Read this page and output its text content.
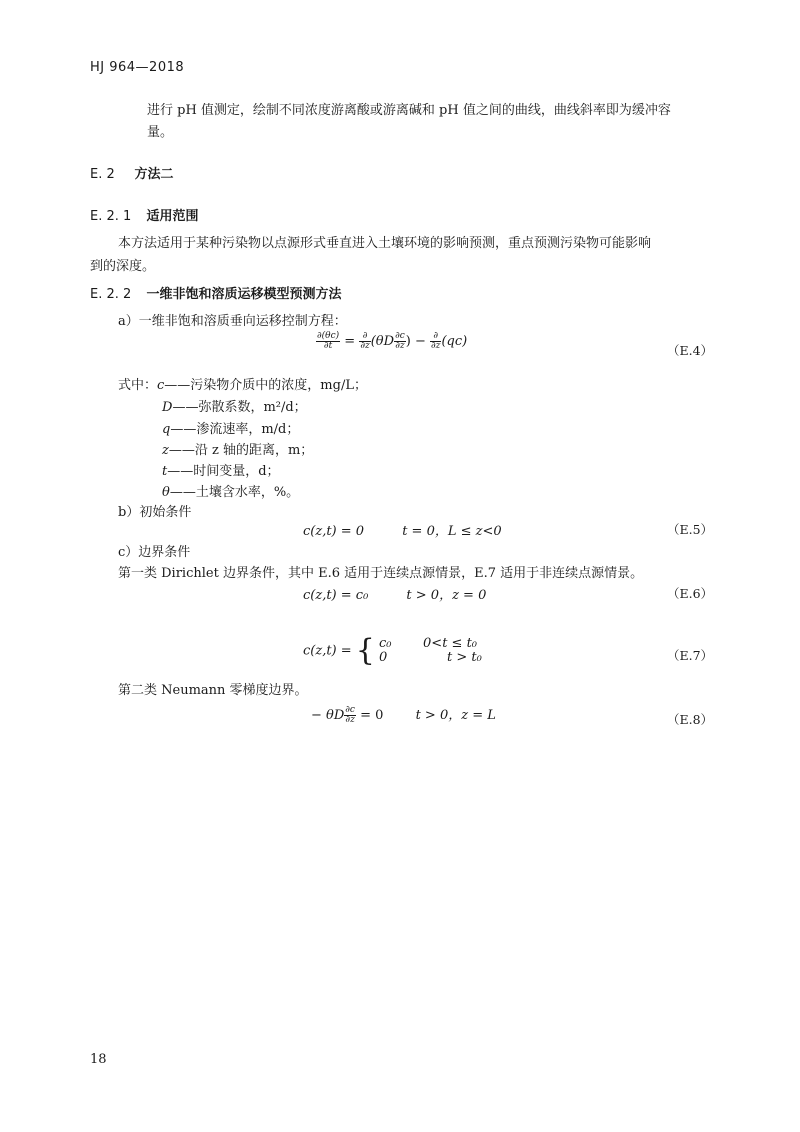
HJ 964—2018
进行 pH 值测定，绘制不同浓度游离酸或游离碱和 pH 值之间的曲线，曲线斜率即为缓冲容
量。
E. 2 方法二
E. 2. 1 适用范围
本方法适用于某种污染物以点源形式垂直进入土壤环境的影响预测，重点预测污染物可能影响
到的深度。
E. 2. 2 一维非饱和溶质运移模型预测方法
a）一维非饱和溶质垂向运移控制方程：
$\frac{\partial(\theta c)}{\partial t} = \frac{\partial}{\partial z} (\theta D \frac{\partial c}{\partial z}$ ) − $\frac{\partial}{\partial z} (qc)$
（E.4）
式中：c——污染物介质中的浓度，mg/L；
D——弥散系数，m²/d；
q——渗流速率，m/d；
z——沿 z 轴的距离，m；
t——时间变量，d；
θ——土壤含水率，%。
b）初始条件
c(z,t) = 0	t = 0，L ≤ z<0	（E.5）
c）边界条件
第一类 Dirichlet 边界条件，其中 E.6 适用于连续点源情景，E.7 适用于非连续点源情景。
c(z,t) = c₀	t > 0，z = 0	（E.6）
c(z,t) = { c₀ 0<t ≤ t₀
0	t > t₀	（E.7）
第二类 Neumann 零梯度边界。
− θD $\frac{\partial c}{\partial z} = 0$ t > 0，z = L	（E.8）
18
